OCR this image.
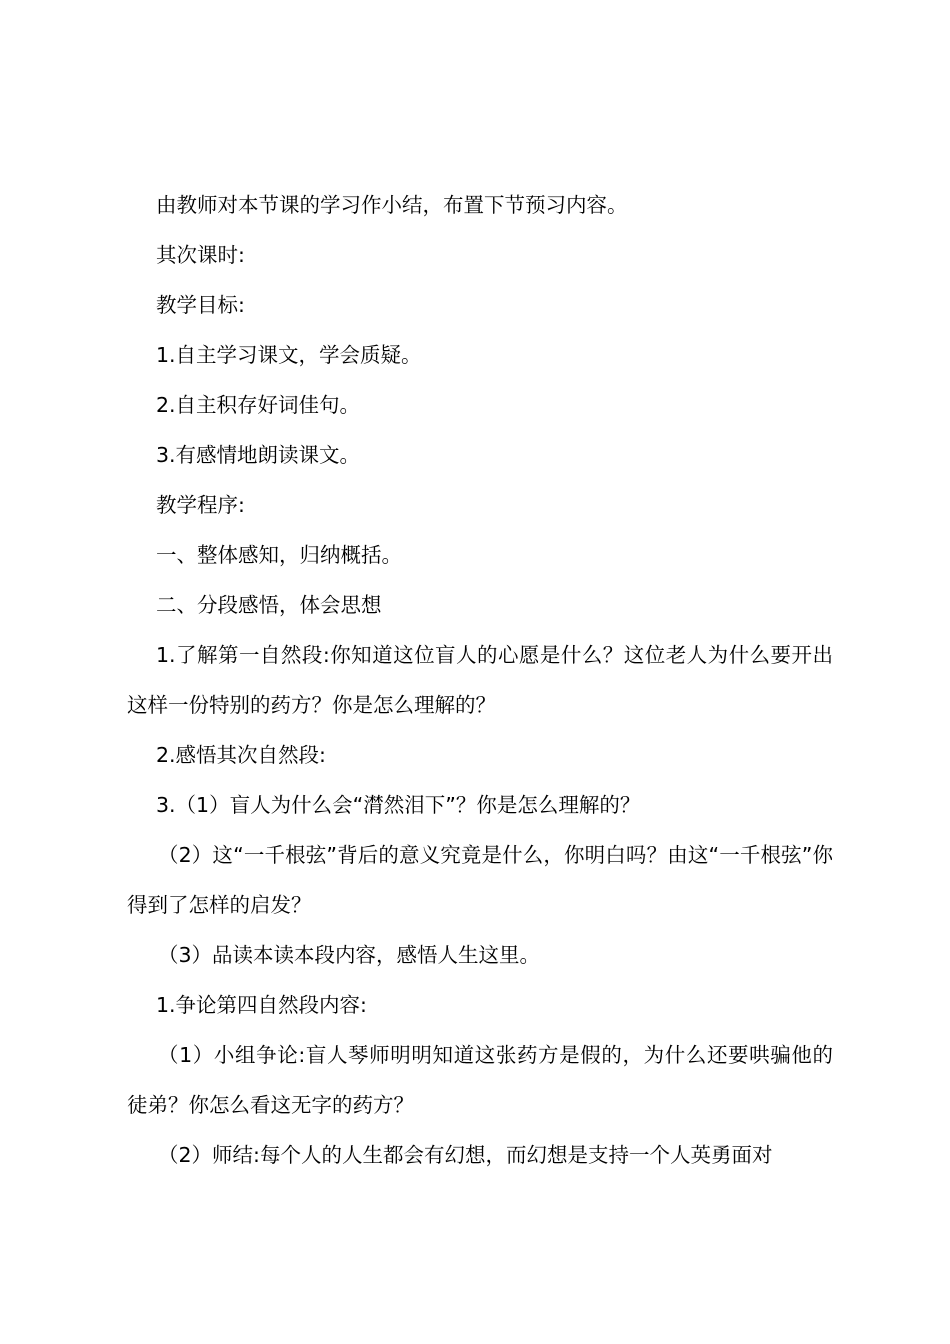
由教师对本节课的学习作小结，布置下节预习内容。

其次课时:

教学目标:

1.自主学习课文，学会质疑。

2.自主积存好词佳句。

3.有感情地朗读课文。

教学程序:

一、整体感知，归纳概括。

二、分段感悟，体会思想

1.了解第一自然段:你知道这位盲人的心愿是什么？这位老人为什么要开出这样一份特别的药方？你是怎么理解的？

2.感悟其次自然段:

3.（1）盲人为什么会“潸然泪下”？你是怎么理解的？

（2）这“一千根弦”背后的意义究竟是什么，你明白吗？由这“一千根弦”你得到了怎样的启发？

（3）品读本读本段内容，感悟人生这里。

1.争论第四自然段内容:

（1）小组争论:盲人琴师明明知道这张药方是假的，为什么还要哄骗他的徒弟？你怎么看这无字的药方？

（2）师结:每个人的人生都会有幻想，而幻想是支持一个人英勇面对
